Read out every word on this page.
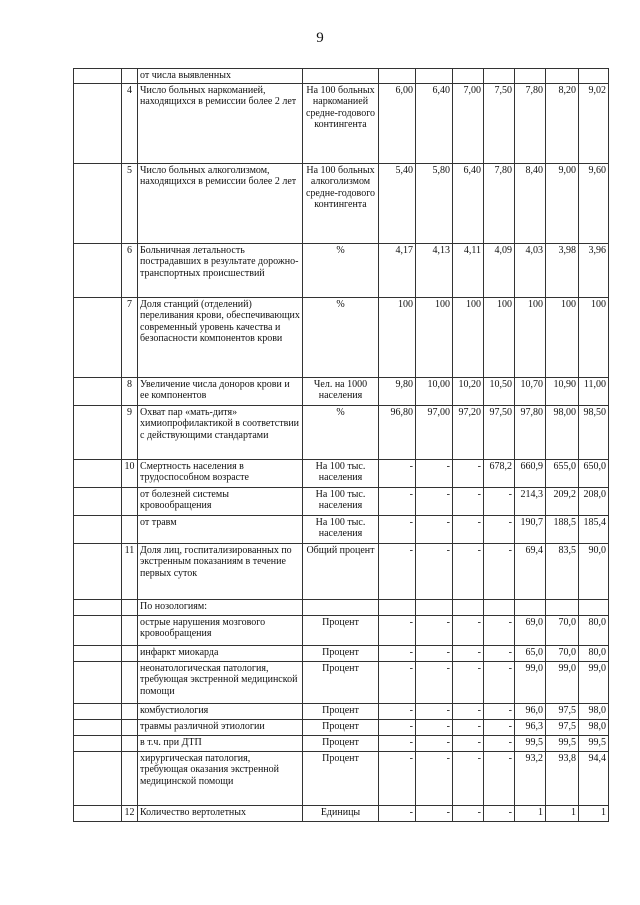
9
		от числа выявленных								
	4	Число больных наркоманией, находящихся в ремиссии более 2 лет	На 100 больных наркоманией средне-годового контингента	6,00	6,40	7,00	7,50	7,80	8,20	9,02
	5	Число больных алкоголизмом, находящихся в ремиссии более 2 лет	На 100 больных алкоголизмом средне-годового контингента	5,40	5,80	6,40	7,80	8,40	9,00	9,60
	6	Больничная летальность пострадавших в результате дорожно-транспортных происшествий	%	4,17	4,13	4,11	4,09	4,03	3,98	3,96
	7	Доля станций (отделений) переливания крови, обеспечивающих современный уровень качества и безопасности компонентов крови	%	100	100	100	100	100	100	100
	8	Увеличение числа доноров крови и ее компонентов	Чел. на 1000 населения	9,80	10,00	10,20	10,50	10,70	10,90	11,00
	9	Охват пар «мать-дитя» химиопрофилактикой в соответствии с действующими стандартами	%	96,80	97,00	97,20	97,50	97,80	98,00	98,50
	10	Смертность населения в трудоспособном возрасте	На 100 тыс. населения	-	-	-	678,2	660,9	655,0	650,0
		от болезней системы кровообращения	На 100 тыс. населения	-	-	-	-	214,3	209,2	208,0
		от травм	На 100 тыс. населения	-	-	-	-	190,7	188,5	185,4
	11	Доля лиц, госпитализированных по экстренным показаниям в течение первых суток	Общий процент	-	-	-	-	69,4	83,5	90,0
		По нозологиям:								
		острые нарушения мозгового кровообращения	Процент	-	-	-	-	69,0	70,0	80,0
		инфаркт миокарда	Процент	-	-	-	-	65,0	70,0	80,0
		неонатологическая патология, требующая экстренной медицинской помощи	Процент	-	-	-	-	99,0	99,0	99,0
		комбустиология	Процент	-	-	-	-	96,0	97,5	98,0
		травмы различной этиологии	Процент	-	-	-	-	96,3	97,5	98,0
		в т.ч. при ДТП	Процент	-	-	-	-	99,5	99,5	99,5
		хирургическая патология, требующая оказания экстренной медицинской помощи	Процент	-	-	-	-	93,2	93,8	94,4
	12	Количество вертолетных	Единицы	-	-	-	-	1	1	1
